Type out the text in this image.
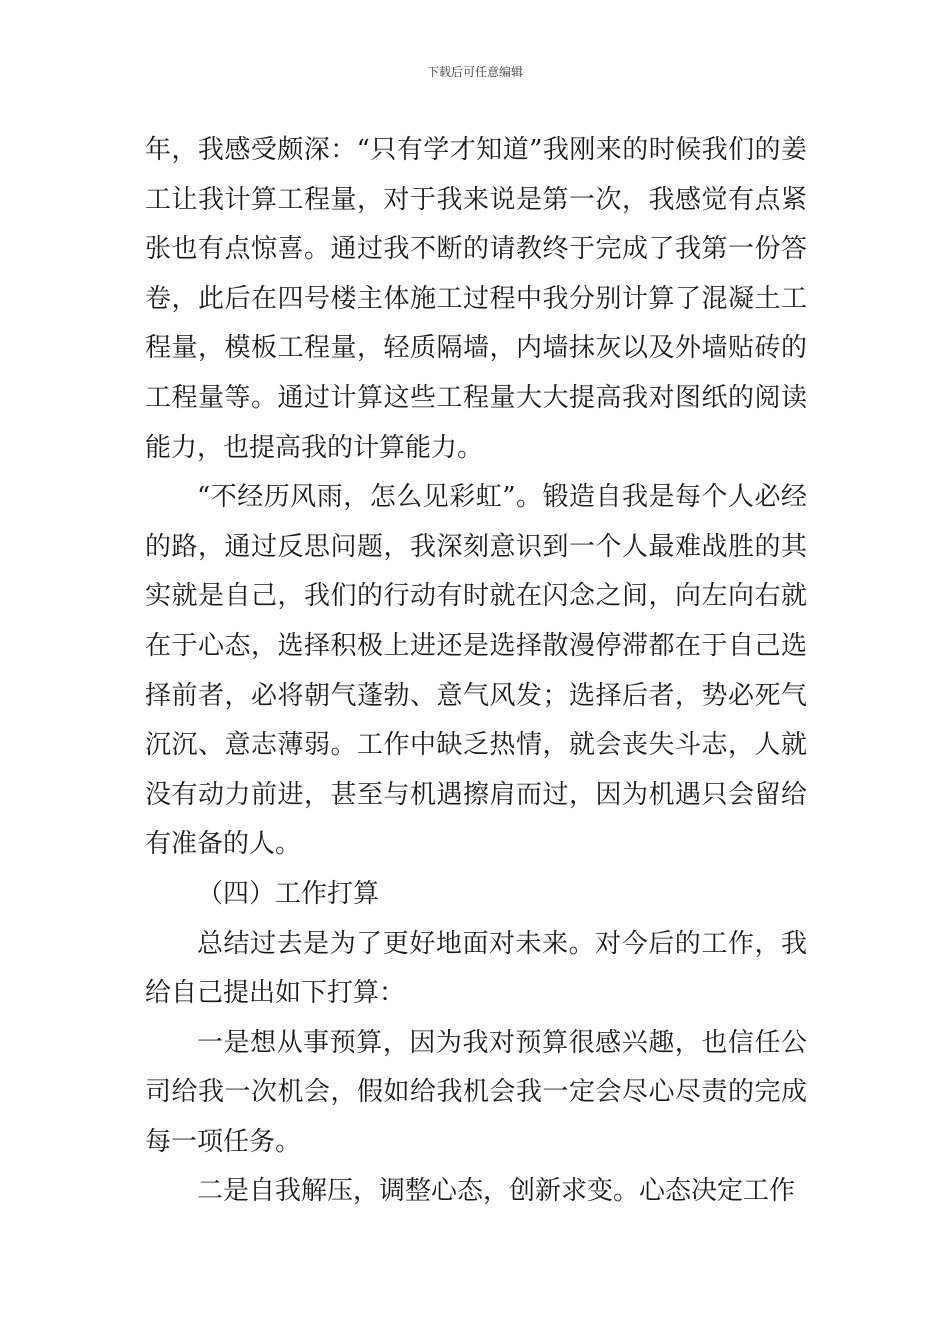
下载后可任意编辑

年，我感受颇深：“只有学才知道”我刚来的时候我们的姜工让我计算工程量，对于我来说是第一次，我感觉有点紧张也有点惊喜。通过我不断的请教终于完成了我第一份答卷，此后在四号楼主体施工过程中我分别计算了混凝土工程量，模板工程量，轻质隔墙，内墙抹灰以及外墙贴砖的工程量等。通过计算这些工程量大大提高我对图纸的阅读能力，也提高我的计算能力。

“不经历风雨，怎么见彩虹”。锻造自我是每个人必经的路，通过反思问题，我深刻意识到一个人最难战胜的其实就是自己，我们的行动有时就在闪念之间，向左向右就在于心态，选择积极上进还是选择散漫停滞都在于自己选择前者，必将朝气蓬勃、意气风发；选择后者，势必死气沉沉、意志薄弱。工作中缺乏热情，就会丧失斗志，人就没有动力前进，甚至与机遇擦肩而过，因为机遇只会留给有准备的人。

（四）工作打算

总结过去是为了更好地面对未来。对今后的工作，我给自己提出如下打算：

一是想从事预算，因为我对预算很感兴趣，也信任公司给我一次机会，假如给我机会我一定会尽心尽责的完成每一项任务。

二是自我解压，调整心态，创新求变。心态决定工作
